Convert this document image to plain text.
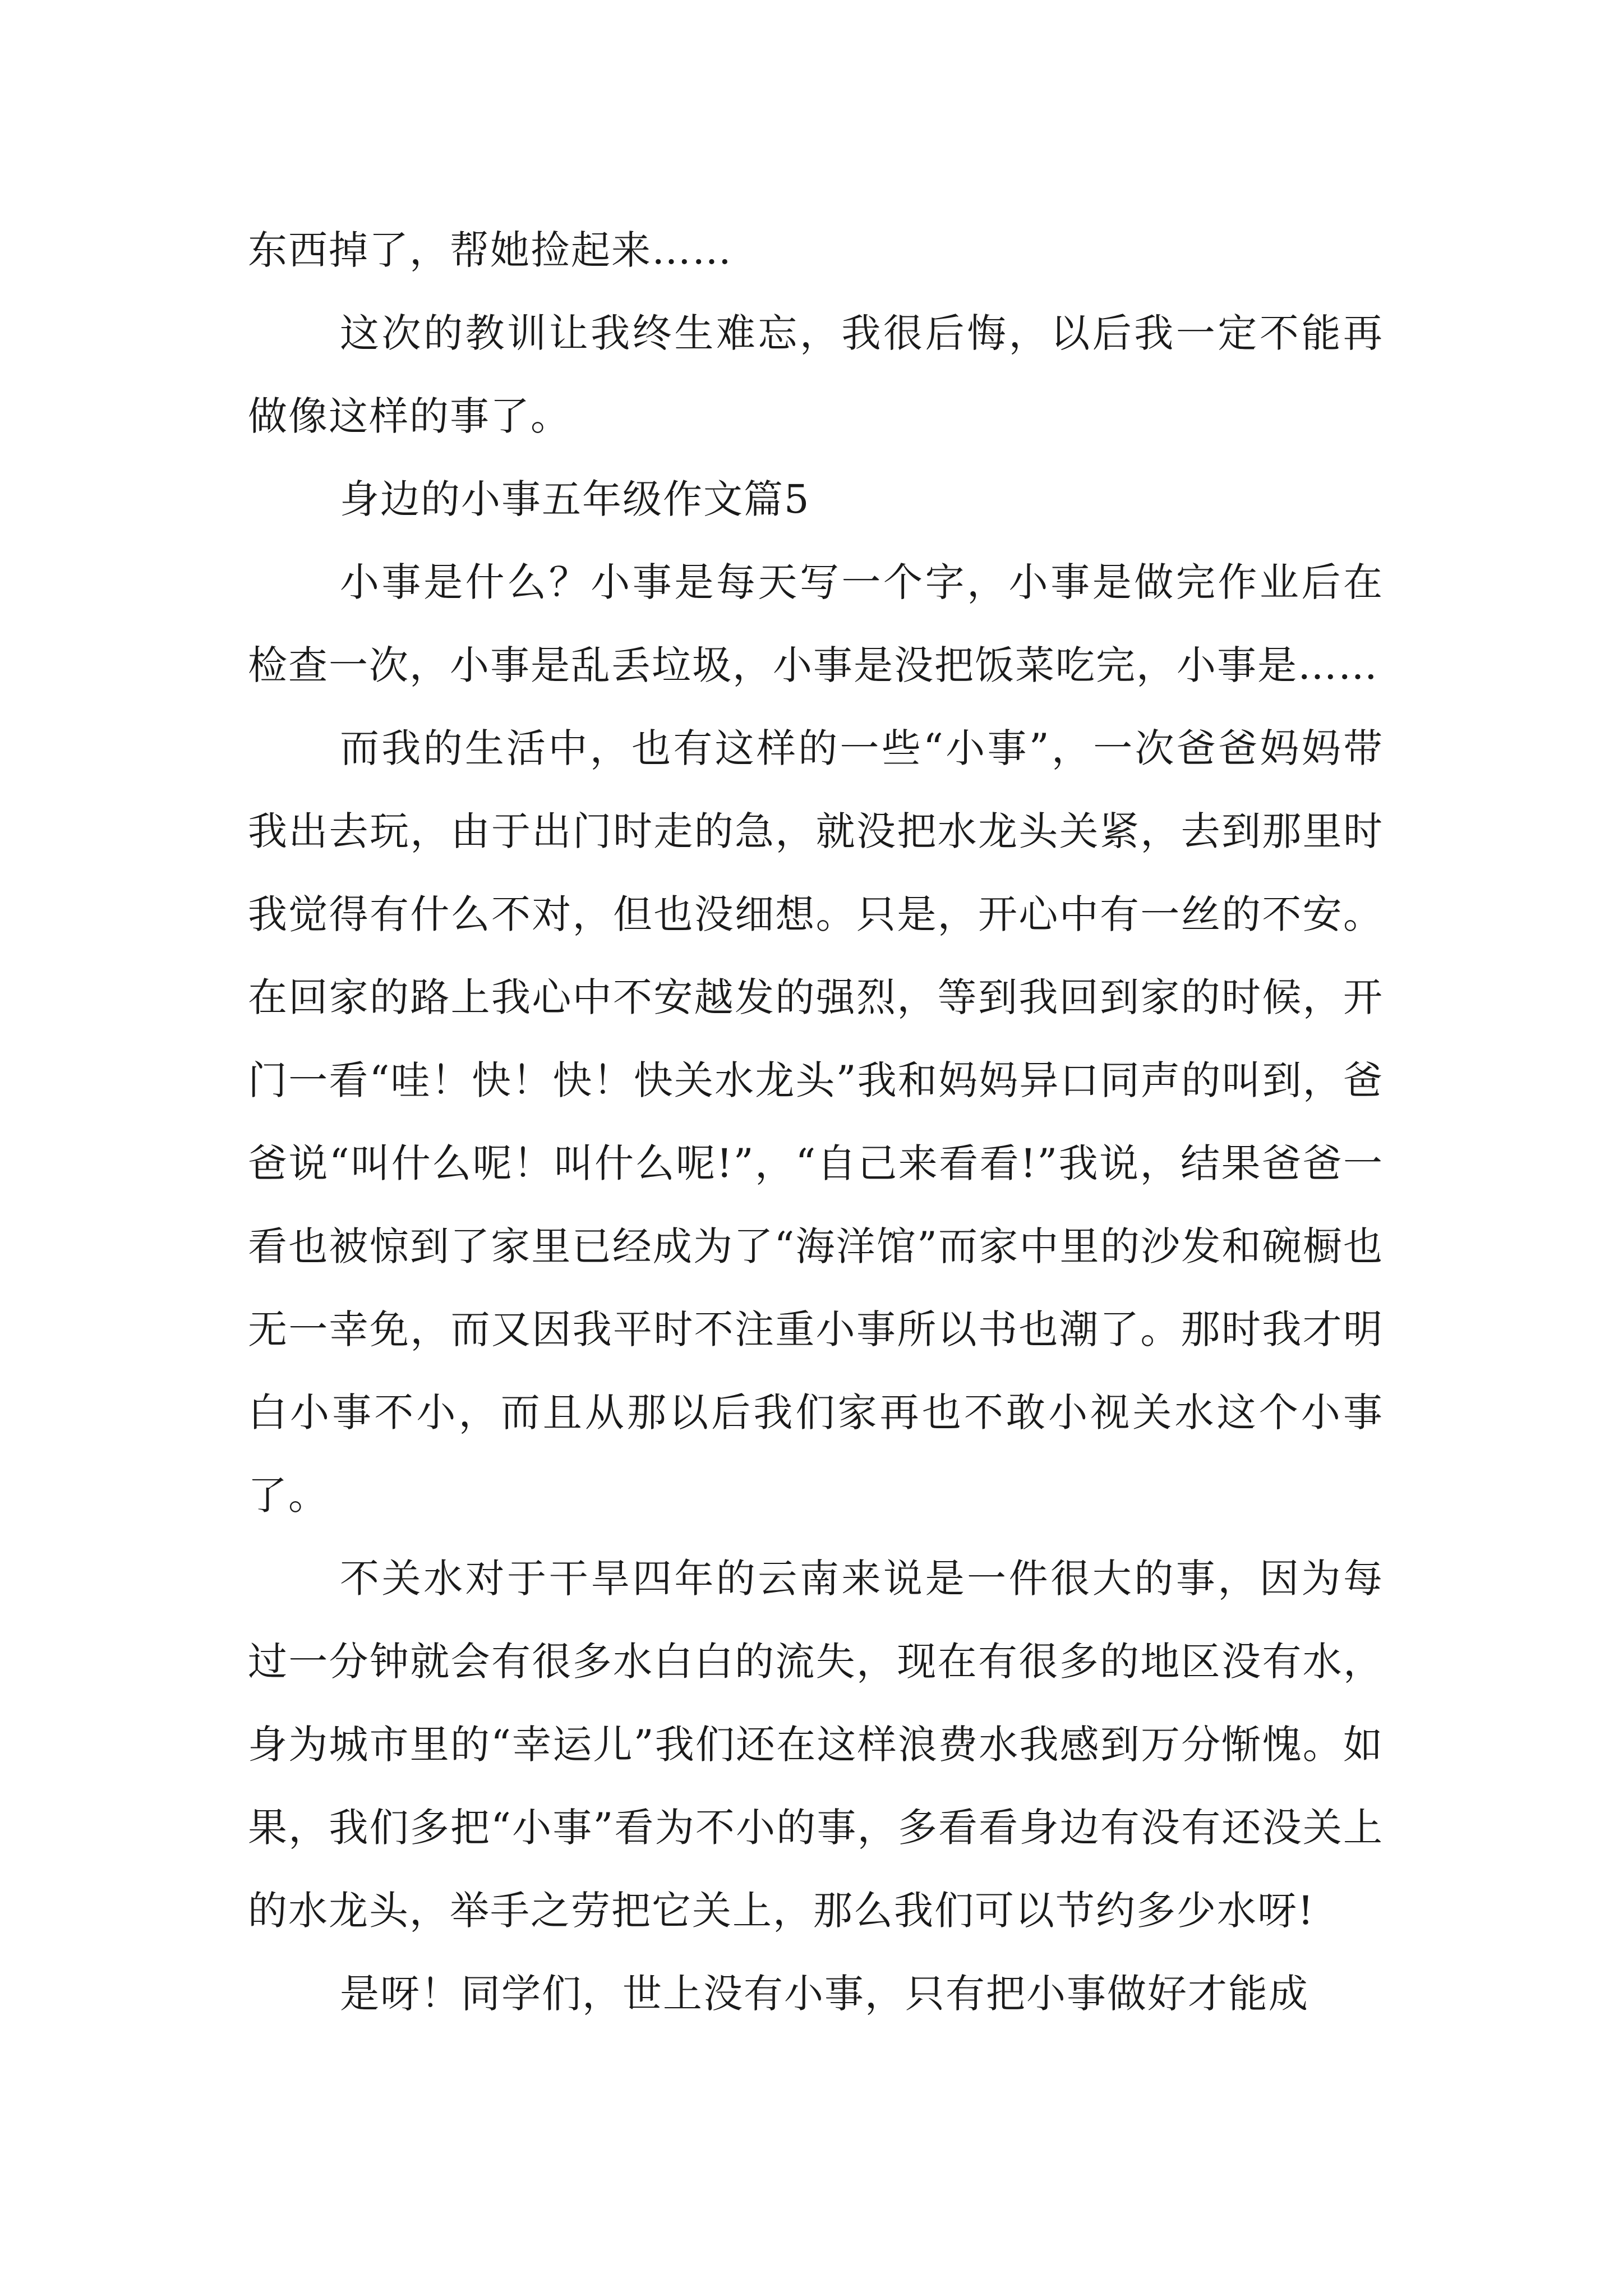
东西掉了，帮她捡起来……

这次的教训让我终生难忘，我很后悔，以后我一定不能再做像这样的事了。

身边的小事五年级作文篇5

小事是什么？小事是每天写一个字，小事是做完作业后在检查一次，小事是乱丢垃圾，小事是没把饭菜吃完，小事是……

而我的生活中，也有这样的一些“小事”，一次爸爸妈妈带我出去玩，由于出门时走的急，就没把水龙头关紧，去到那里时我觉得有什么不对，但也没细想。只是，开心中有一丝的不安。在回家的路上我心中不安越发的强烈，等到我回到家的时候，开门一看“哇！快！快！快关水龙头”我和妈妈异口同声的叫到，爸爸说“叫什么呢！叫什么呢!”，“自己来看看!”我说，结果爸爸一看也被惊到了家里已经成为了“海洋馆”而家中里的沙发和碗橱也无一幸免，而又因我平时不注重小事所以书也潮了。那时我才明白小事不小，而且从那以后我们家再也不敢小视关水这个小事了。

不关水对于干旱四年的云南来说是一件很大的事，因为每过一分钟就会有很多水白白的流失，现在有很多的地区没有水，身为城市里的“幸运儿”我们还在这样浪费水我感到万分惭愧。如果，我们多把“小事”看为不小的事，多看看身边有没有还没关上的水龙头，举手之劳把它关上，那么我们可以节约多少水呀!

是呀！同学们，世上没有小事，只有把小事做好才能成
